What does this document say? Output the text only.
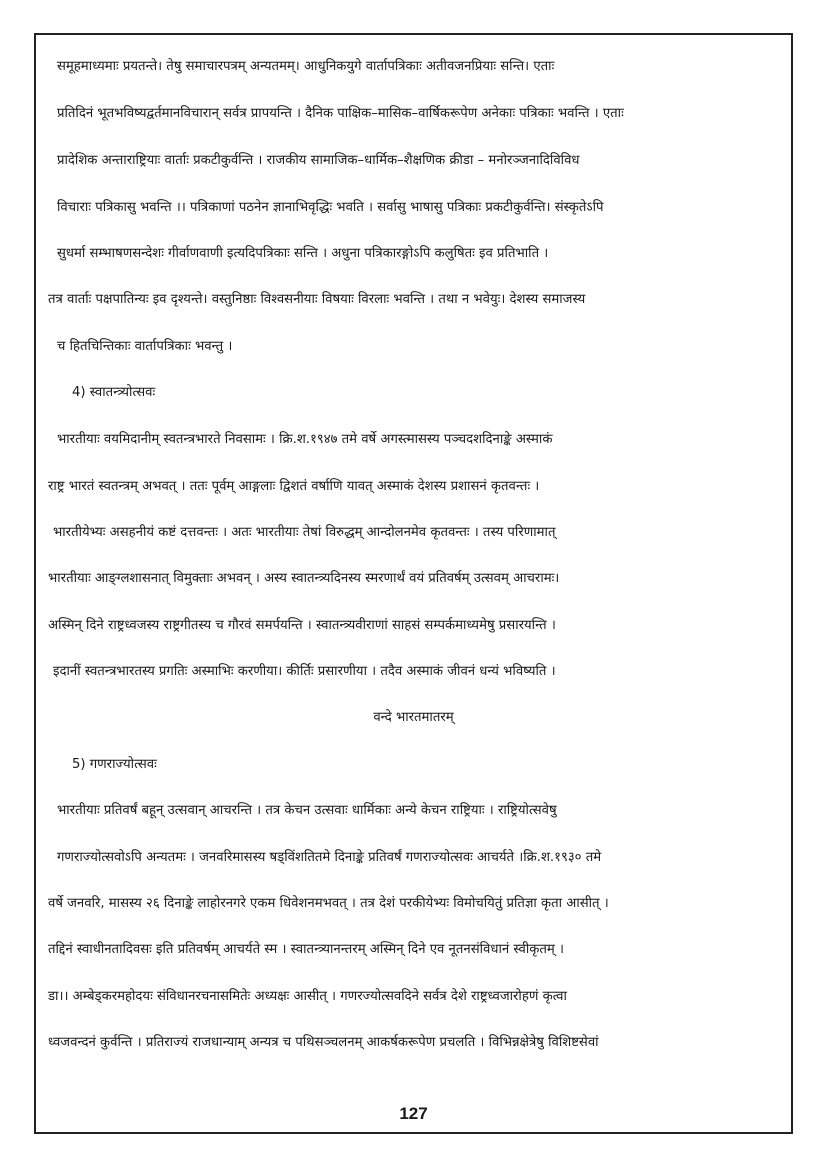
समूहमाध्यमाः प्रयतन्ते। तेषु समाचारपत्रम् अन्यतमम्। आधुनिकयुगे वार्तापत्रिकाः अतीवजनप्रियाः सन्ति। एताः
प्रतिदिनं भूतभविष्यद्वर्तमानविचारान् सर्वत्र प्रापयन्ति । दैनिक पाक्षिक–मासिक–वार्षिकरूपेण अनेकाः पत्रिकाः भवन्ति । एताः
प्रादेशिक अन्ताराष्ट्रियाः वार्ताः प्रकटीकुर्वन्ति । राजकीय सामाजिक–धार्मिक–शैक्षणिक क्रीडा – मनोरञ्जनादिविविध
विचाराः पत्रिकासु भवन्ति ।। पत्रिकाणां पठनेन ज्ञानाभिवृद्धिः भवति । सर्वासु भाषासु पत्रिकाः प्रकटीकुर्वन्ति। संस्कृतेऽपि
सुधर्मा सम्भाषणसन्देशः गीर्वाणवाणी इत्यदिपत्रिकाः सन्ति । अधुना पत्रिकारङ्गोऽपि कलुषितः इव प्रतिभाति ।
तत्र वार्ताः पक्षपातिन्यः इव दृश्यन्ते। वस्तुनिष्ठाः विश्वसनीयाः विषयाः विरलाः भवन्ति । तथा न भवेयुः। देशस्य समाजस्य
च हितचिन्तिकाः वार्तापत्रिकाः भवन्तु ।
4) स्वातन्त्र्योत्सवः
भारतीयाः वयमिदानीम् स्वतन्त्रभारते निवसामः । क्रि.श.१९४७ तमे वर्षे अगस्त्मासस्य पञ्चदशदिनाङ्के अस्माकं
राष्ट्र भारतं स्वतन्त्रम् अभवत् । ततः पूर्वम् आङ्गलाः द्विशतं वर्षाणि यावत् अस्माकं देशस्य प्रशासनं कृतवन्तः ।
भारतीयेभ्यः असहनीयं कष्टं दत्तवन्तः । अतः भारतीयाः तेषां विरुद्धम् आन्दोलनमेव कृतवन्तः । तस्य परिणामात्
भारतीयाः आङ्ग्लशासनात् विमुक्ताः अभवन् । अस्य स्वातन्त्र्यदिनस्य स्मरणार्थं वयं प्रतिवर्षम् उत्सवम् आचरामः।
अस्मिन् दिने राष्ट्रध्वजस्य राष्ट्रगीतस्य च गौरवं समर्पयन्ति । स्वातन्त्र्यवीराणां साहसं सम्पर्कमाध्यमेषु प्रसारयन्ति ।
इदानीं स्वतन्त्रभारतस्य प्रगतिः अस्माभिः करणीया। कीर्तिः प्रसारणीया । तदैव अस्माकं जीवनं धन्यं भविष्यति ।
वन्दे भारतमातरम्
5) गणराज्योत्सवः
भारतीयाः प्रतिवर्षं बहून् उत्सवान् आचरन्ति । तत्र केचन उत्सवाः धार्मिकाः अन्ये केचन राष्ट्रियाः । राष्ट्रियोत्सवेषु
गणराज्योत्सवोऽपि अन्यतमः । जनवरिमासस्य षड्विंशतितमे दिनाङ्के प्रतिवर्षं गणराज्योत्सवः आचर्यते ।क्रि.श.१९३० तमे
वर्षे जनवरि, मासस्य २६ दिनाङ्के लाहोरनगरे एकम धिवेशनमभवत् । तत्र देशं परकीयेभ्यः विमोचयितुं प्रतिज्ञा कृता आसीत् ।
तद्दिनं स्वाधीनतादिवसः इति प्रतिवर्षम् आचर्यते स्म । स्वातन्त्र्यानन्तरम् अस्मिन् दिने एव नूतनसंविधानं स्वीकृतम् ।
डा।। अम्बेड्करमहोदयः संविधानरचनासमितेः अध्यक्षः आसीत् । गणरज्योत्सवदिने सर्वत्र देशे राष्ट्रध्वजारोहणं कृत्वा
ध्वजवन्दनं कुर्वन्ति । प्रतिराज्यं राजधान्याम् अन्यत्र च पथिसञ्चलनम् आकर्षकरूपेण प्रचलति । विभिन्नक्षेत्रेषु विशिष्टसेवां
127
